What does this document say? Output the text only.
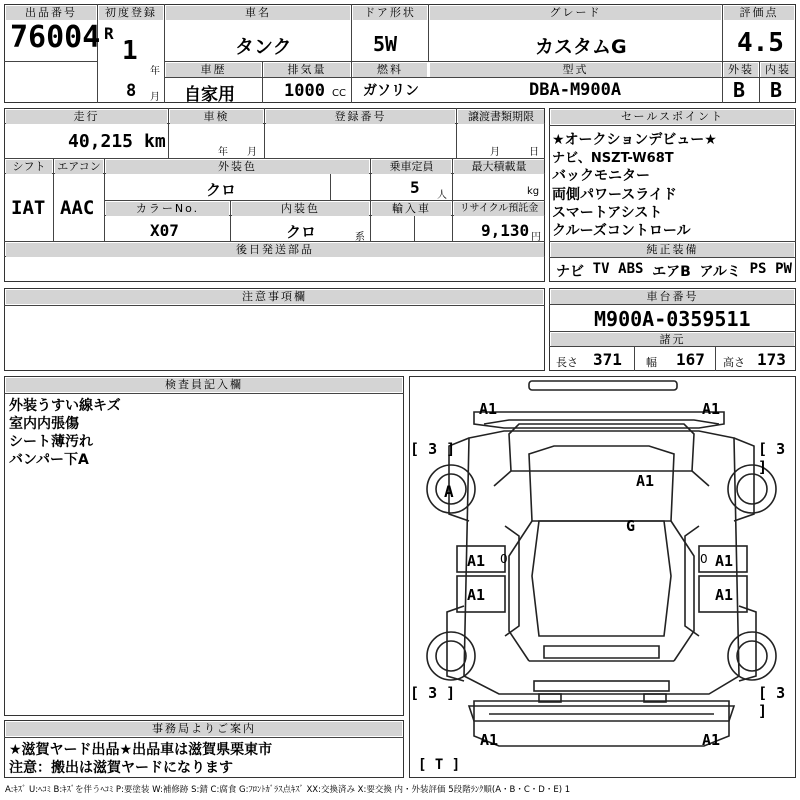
出品番号
76004
初度登録
R
1
年
8 月
車名
タンク
ドア形状
5W
グレード
カスタムG
評価点
4.5
車歴
自家用
排気量
1000 CC
燃料
ガソリン
型式
DBA-M900A
外装	内装
B B
走行
40,215 km
車検
年 月
登録番号	譲渡書類期限
月	日
シフト
IAT
エアコン
AAC
外装色
クロ
乗車定員
5 人
最大積載量
kg
カラーNo.
X07
内装色
クロ	系
輸入車	リサイクル預託金
9,130 円
後日発送部品
セールスポイント
★オークションデビュー★
ナビ、NSZT-W68T
バックモニター
両側パワースライド
スマートアシスト
クルーズコントロール
純正装備
ナビ TV ABS エアB アルミ PS PW
注意事項欄	車台番号
M900A-0359511
諸元
長さ 371 幅 167 高さ 173
検査員記入欄
外装うすい線キズ
室内内張傷
シート薄汚れ
バンパー下A
事務局よりご案内
★滋賀ヤード出品★出品車は滋賀県栗東市
注意：搬出は滋賀ヤードになります
A1	A1
[ 3 ]	[ 3 ]
A
A1
G
A1 0	A1
0
A1	A1
[ 3 ]	[ 3 ]
A1	A1
[ T ]
A:ｷｽﾞ U:ﾍｺﾐ B:ｷｽﾞを伴うﾍｺﾐ P:要塗装 W:補修跡 S:錆 C:腐食 G:ﾌﾛﾝﾄｶﾞﾗｽ点ｷｽﾞ XX:交換済み X:要交換 内・外装評価 5段階ﾗﾝｸ順(A・B・C・D・E) 1
